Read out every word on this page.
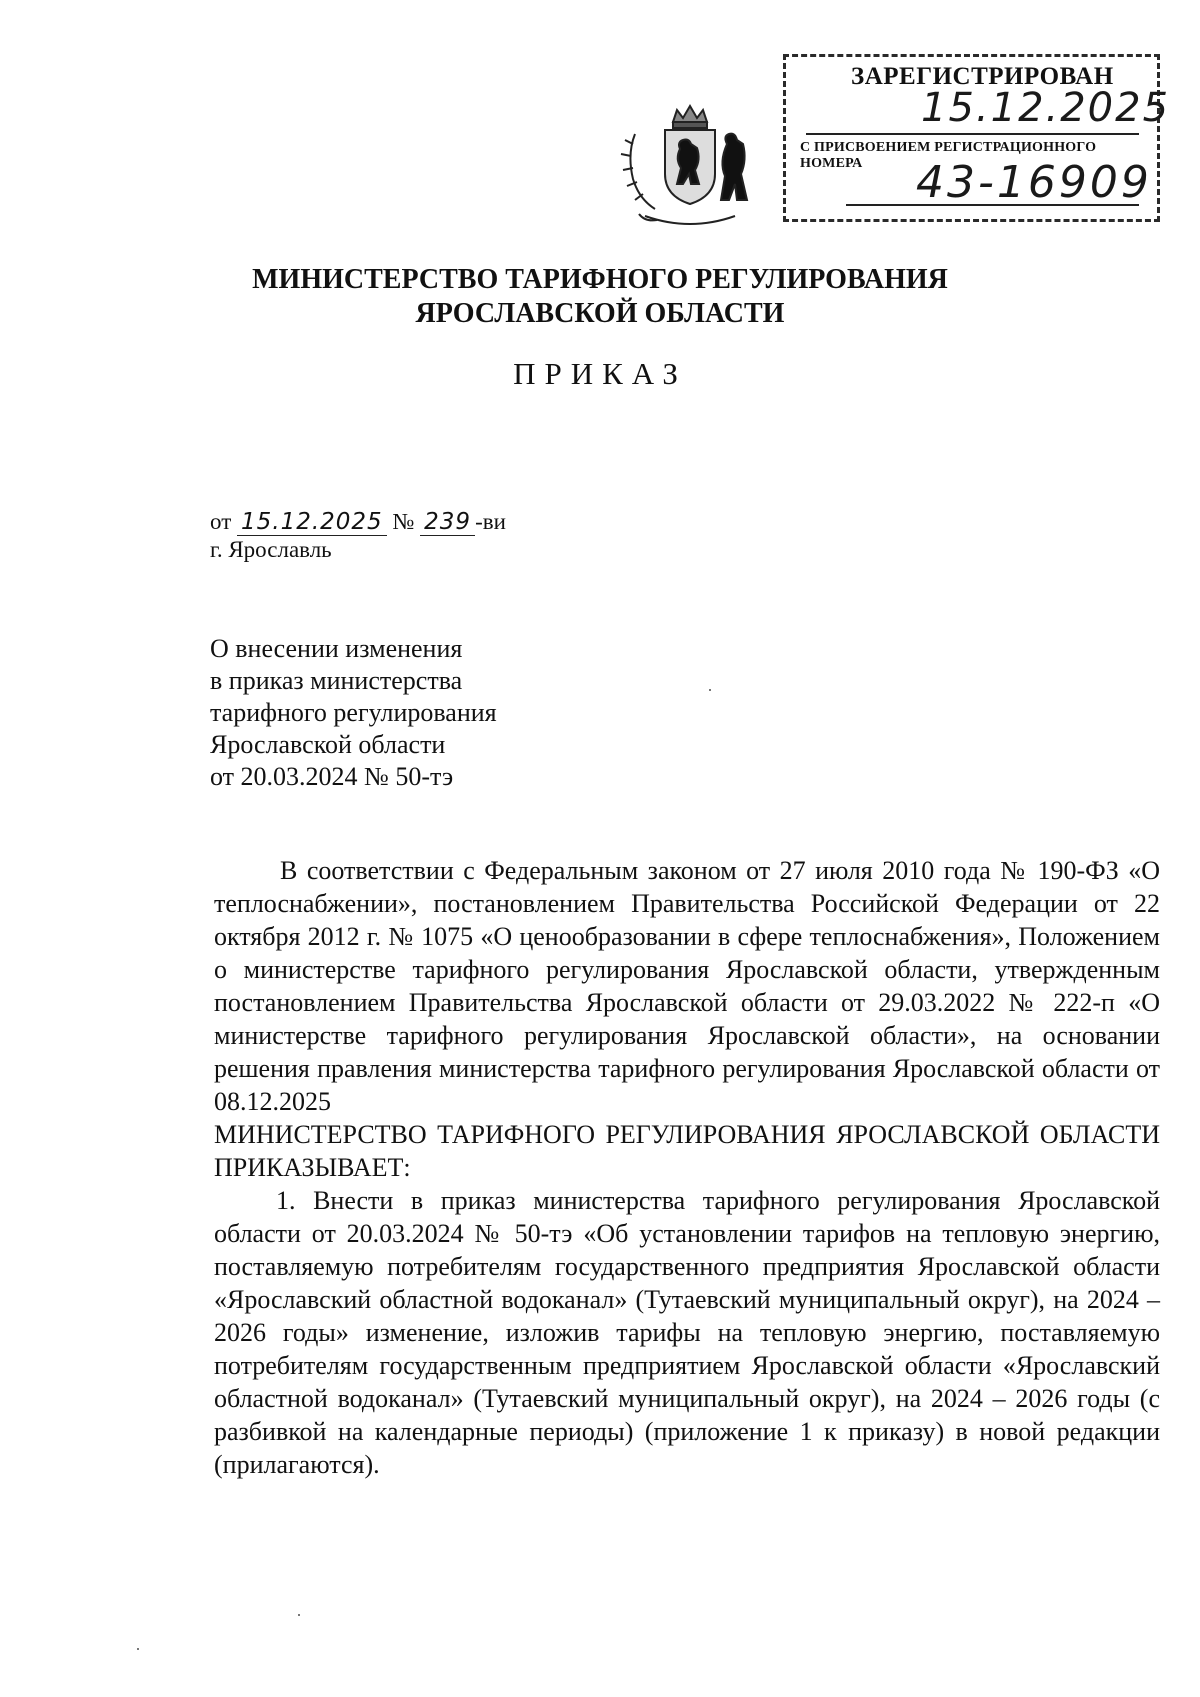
ЗАРЕГИСТРИРОВАН
15.12.2025
С ПРИСВОЕНИЕМ РЕГИСТРАЦИОННОГО НОМЕРА	43-16909
МИНИСТЕРСТВО ТАРИФНОГО РЕГУЛИРОВАНИЯ
ЯРОСЛАВСКОЙ ОБЛАСТИ
ПРИКАЗ
от 15.12.2025 № 239 -ви
г. Ярославль
О внесении изменения
в приказ министерства
тарифного регулирования
Ярославской области
от 20.03.2024 № 50-тэ

В соответствии с Федеральным законом от 27 июля 2010 года № 190-ФЗ «О теплоснабжении», постановлением Правительства Российской Федерации от 22 октября 2012 г. № 1075 «О ценообразовании в сфере теплоснабжения», Положением о министерстве тарифного регулирования Ярославской области, утвержденным постановлением Правительства Ярославской области от 29.03.2022 № 222-п «О министерстве тарифного регулирования Ярославской области», на основании решения правления министерства тарифного регулирования Ярославской области от 08.12.2025

МИНИСТЕРСТВО ТАРИФНОГО РЕГУЛИРОВАНИЯ ЯРОСЛАВСКОЙ ОБЛАСТИ ПРИКАЗЫВАЕТ:

1. Внести в приказ министерства тарифного регулирования Ярославской области от 20.03.2024 № 50-тэ «Об установлении тарифов на тепловую энергию, поставляемую потребителям государственного предприятия Ярославской области «Ярославский областной водоканал» (Тутаевский муниципальный округ), на 2024 – 2026 годы» изменение, изложив тарифы на тепловую энергию, поставляемую потребителям государственным предприятием Ярославской области «Ярославский областной водоканал» (Тутаевский муниципальный округ), на 2024 – 2026 годы (с разбивкой на календарные периоды) (приложение 1 к приказу) в новой редакции (прилагаются).
